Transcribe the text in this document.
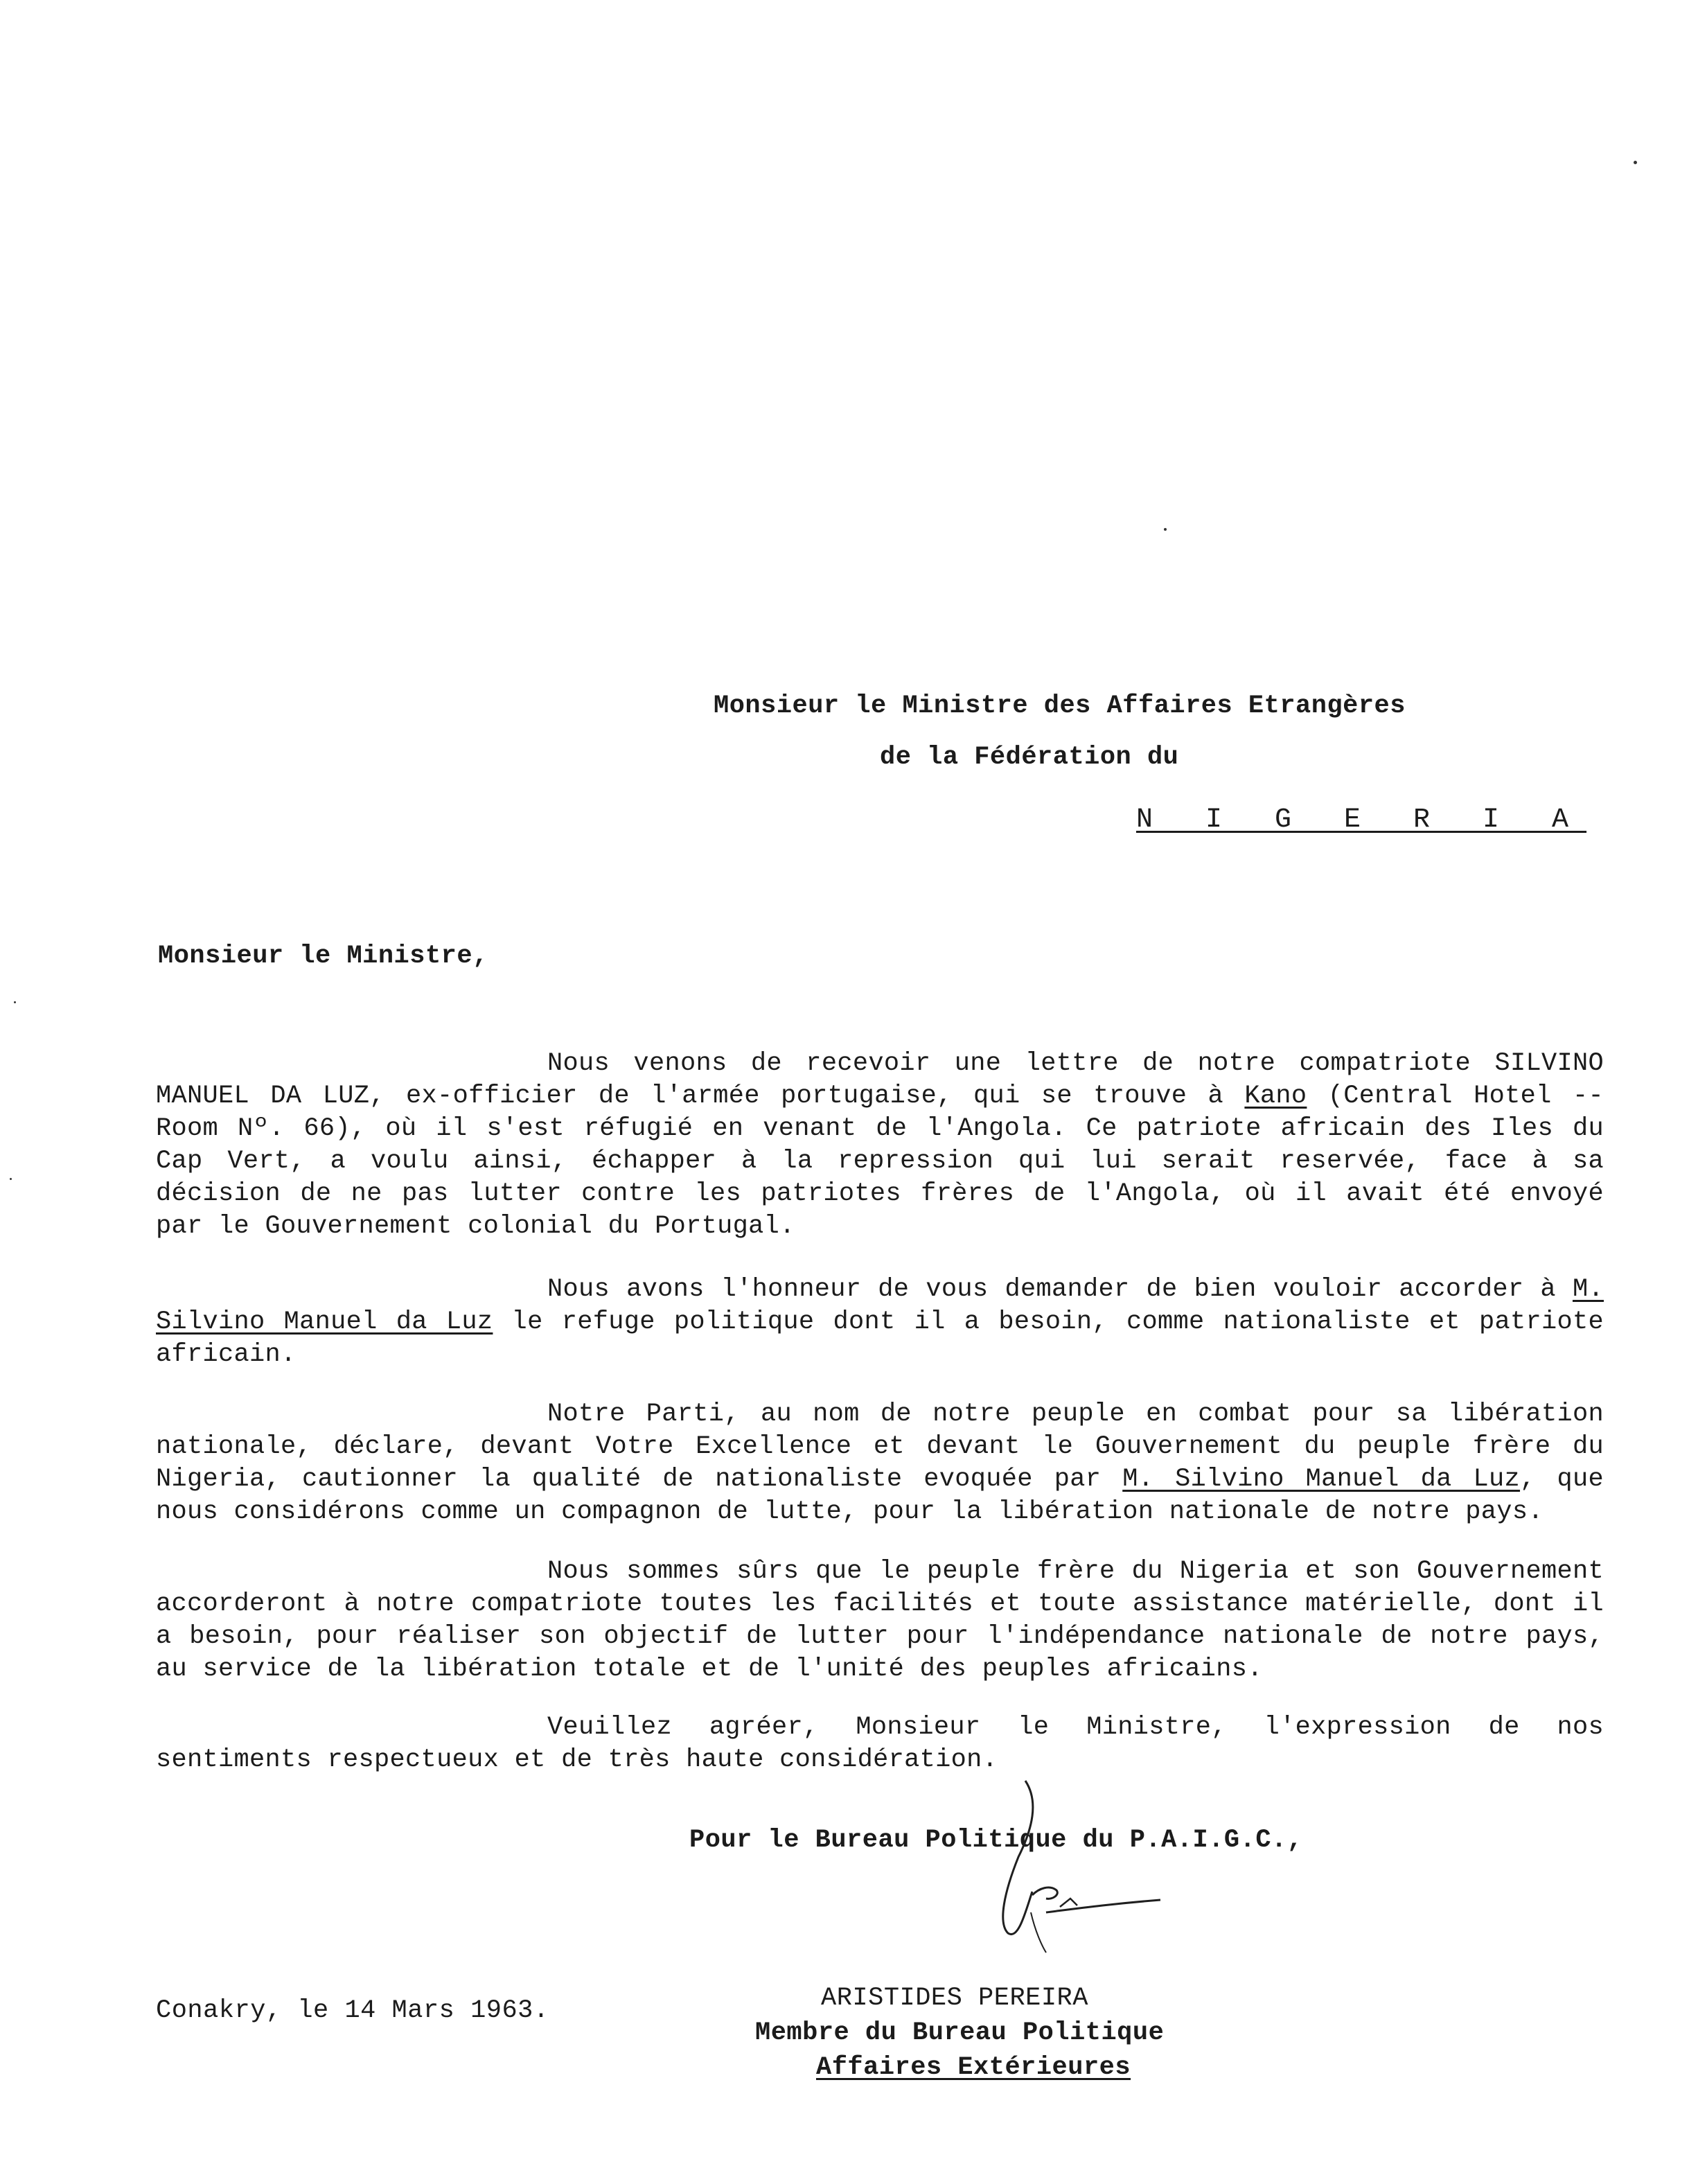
Monsieur le Ministre des Affaires Etrangères
de la Fédération du
N I G E R I A
Monsieur le Ministre,
Nous venons de recevoir une lettre de notre compatriote SILVINO MANUEL DA LUZ, ex-officier de l'armée portugaise, qui se trouve à Kano (Central Hotel -- Room Nº. 66), où il s'est réfugié en venant de l'Angola. Ce patriote africain des Iles du Cap Vert, a voulu ainsi, échapper à la repression qui lui serait reservée, face à sa décision de ne pas lutter contre les patriotes frères de l'Angola, où il avait été envoyé par le Gouvernement colonial du Portugal.
Nous avons l'honneur de vous demander de bien vouloir accorder à M. Silvino Manuel da Luz le refuge politique dont il a besoin, comme nationaliste et patriote africain.
Notre Parti, au nom de notre peuple en combat pour sa libération nationale, déclare, devant Votre Excellence et devant le Gouvernement du peuple frère du Nigeria, cautionner la qualité de nationaliste evoquée par M. Silvino Manuel da Luz, que nous considérons comme un compagnon de lutte, pour la libération nationale de notre pays.
Nous sommes sûrs que le peuple frère du Nigeria et son Gouvernement accorderont à notre compatriote toutes les facilités et toute assistance matérielle, dont il a besoin, pour réaliser son objectif de lutter pour l'indépendance nationale de notre pays, au service de la libération totale et de l'unité des peuples africains.
Veuillez agréer, Monsieur le Ministre, l'expression de nos sentiments respectueux et de très haute considération.
Pour le Bureau Politique du P.A.I.G.C.,
Conakry, le 14 Mars 1963.	ARISTIDES PEREIRA
Membre du Bureau Politique
Affaires Extérieures
